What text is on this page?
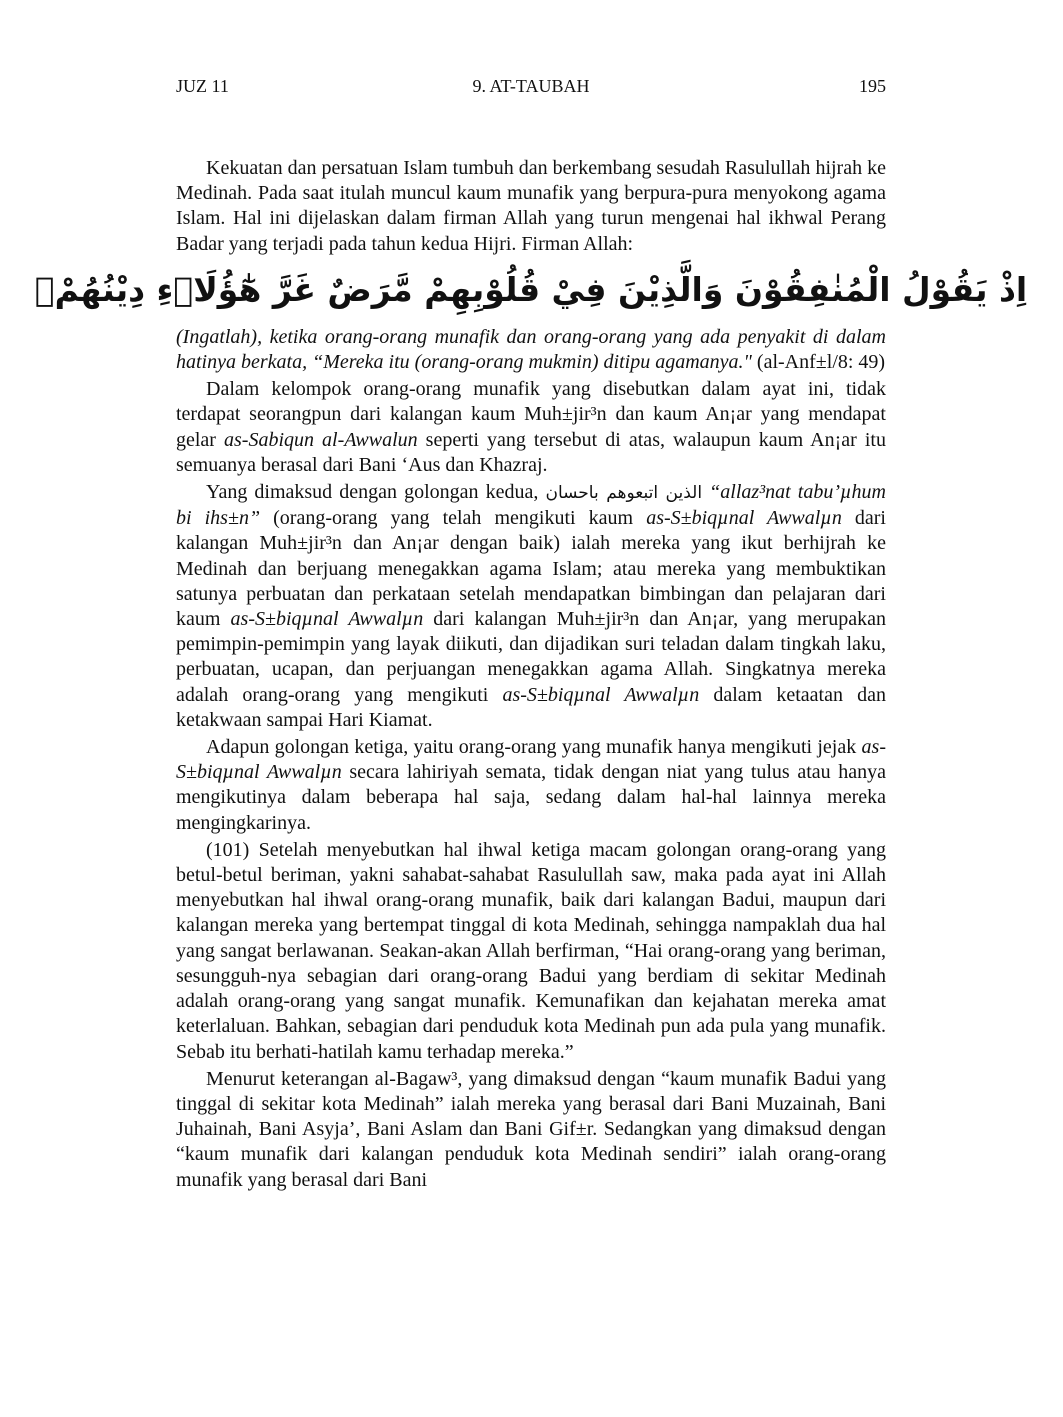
JUZ 11	9. AT-TAUBAH	195

Kekuatan dan persatuan Islam tumbuh dan berkembang sesudah Rasulullah hijrah ke Medinah. Pada saat itulah muncul kaum munafik yang berpura-pura menyokong agama Islam. Hal ini dijelaskan dalam firman Allah yang turun mengenai hal ikhwal Perang Badar yang terjadi pada tahun kedua Hijri. Firman Allah:

اِذْ يَقُوْلُ الْمُنٰفِقُوْنَ وَالَّذِيْنَ فِيْ قُلُوْبِهِمْ مَّرَضٌ غَرَّ هٰٓؤُلَاۤءِ دِيْنُهُمْۗ

(Ingatlah), ketika orang-orang munafik dan orang-orang yang ada penyakit di dalam hatinya berkata, “Mereka itu (orang-orang mukmin) ditipu agamanya." (al-Anf±l/8: 49)

Dalam kelompok orang-orang munafik yang disebutkan dalam ayat ini, tidak terdapat seorangpun dari kalangan kaum Muh±jir³n dan kaum An¡ar yang mendapat gelar as-Sabiqun al-Awwalun seperti yang tersebut di atas, walaupun kaum An¡ar itu semuanya berasal dari Bani ‘Aus dan Khazraj.

Yang dimaksud dengan golongan kedua, الذين اتبعوهم باحسان “allaz³nat tabu’µhum bi ihs±n” (orang-orang yang telah mengikuti kaum as-S±biqµnal Awwalµn dari kalangan Muh±jir³n dan An¡ar dengan baik) ialah mereka yang ikut berhijrah ke Medinah dan berjuang menegakkan agama Islam; atau mereka yang membuktikan satunya perbuatan dan perkataan setelah mendapatkan bimbingan dan pelajaran dari kaum as-S±biqµnal Awwalµn dari kalangan Muh±jir³n dan An¡ar, yang merupakan pemimpin-pemimpin yang layak diikuti, dan dijadikan suri teladan dalam tingkah laku, perbuatan, ucapan, dan perjuangan menegakkan agama Allah. Singkatnya mereka adalah orang-orang yang mengikuti as-S±biqµnal Awwalµn dalam ketaatan dan ketakwaan sampai Hari Kiamat.

Adapun golongan ketiga, yaitu orang-orang yang munafik hanya mengikuti jejak as-S±biqµnal Awwalµn secara lahiriyah semata, tidak dengan niat yang tulus atau hanya mengikutinya dalam beberapa hal saja, sedang dalam hal-hal lainnya mereka mengingkarinya.

(101) Setelah menyebutkan hal ihwal ketiga macam golongan orang-orang yang betul-betul beriman, yakni sahabat-sahabat Rasulullah saw, maka pada ayat ini Allah menyebutkan hal ihwal orang-orang munafik, baik dari kalangan Badui, maupun dari kalangan mereka yang bertempat tinggal di kota Medinah, sehingga nampaklah dua hal yang sangat berlawanan. Seakan-akan Allah berfirman, “Hai orang-orang yang beriman, sesungguh-nya sebagian dari orang-orang Badui yang berdiam di sekitar Medinah adalah orang-orang yang sangat munafik. Kemunafikan dan kejahatan mereka amat keterlaluan. Bahkan, sebagian dari penduduk kota Medinah pun ada pula yang munafik. Sebab itu berhati-hatilah kamu terhadap mereka.”

Menurut keterangan al-Bagaw³, yang dimaksud dengan “kaum munafik Badui yang tinggal di sekitar kota Medinah” ialah mereka yang berasal dari Bani Muzainah, Bani Juhainah, Bani Asyja’, Bani Aslam dan Bani Gif±r. Sedangkan yang dimaksud dengan “kaum munafik dari kalangan penduduk kota Medinah sendiri” ialah orang-orang munafik yang berasal dari Bani
